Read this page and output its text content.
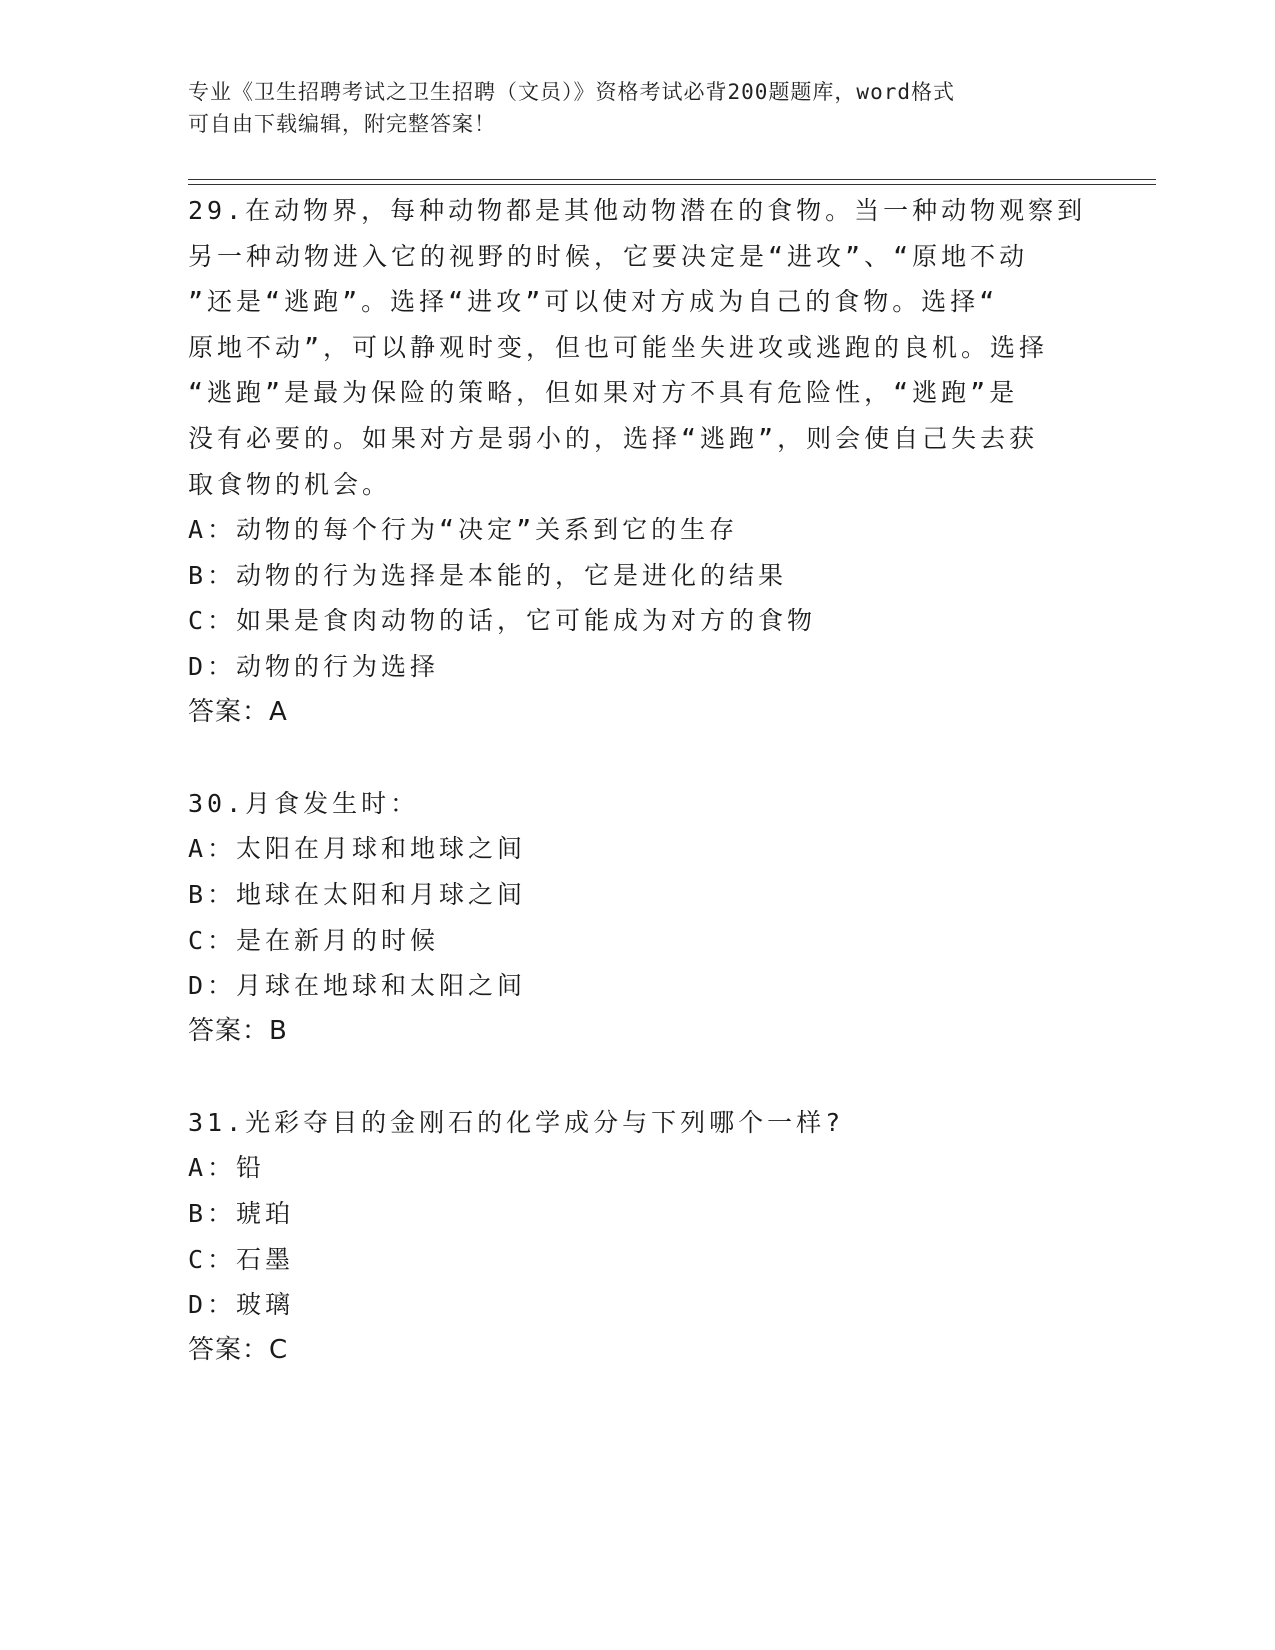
专业《卫生招聘考试之卫生招聘（文员）》资格考试必背200题题库，word格式
可自由下载编辑，附完整答案！
29.在动物界，每种动物都是其他动物潜在的食物。当一种动物观察到
另一种动物进入它的视野的时候，它要决定是“进攻”、“原地不动
”还是“逃跑”。选择“进攻”可以使对方成为自己的食物。选择“
原地不动”，可以静观时变，但也可能坐失进攻或逃跑的良机。选择
“逃跑”是最为保险的策略，但如果对方不具有危险性，“逃跑”是
没有必要的。如果对方是弱小的，选择“逃跑”，则会使自己失去获
取食物的机会。
A：动物的每个行为“决定”关系到它的生存
B：动物的行为选择是本能的，它是进化的结果
C：如果是食肉动物的话，它可能成为对方的食物
D：动物的行为选择
答案：A
30.月食发生时：
A：太阳在月球和地球之间
B：地球在太阳和月球之间
C：是在新月的时候
D：月球在地球和太阳之间
答案：B
31.光彩夺目的金刚石的化学成分与下列哪个一样?
A：铅
B：琥珀
C：石墨
D：玻璃
答案：C
